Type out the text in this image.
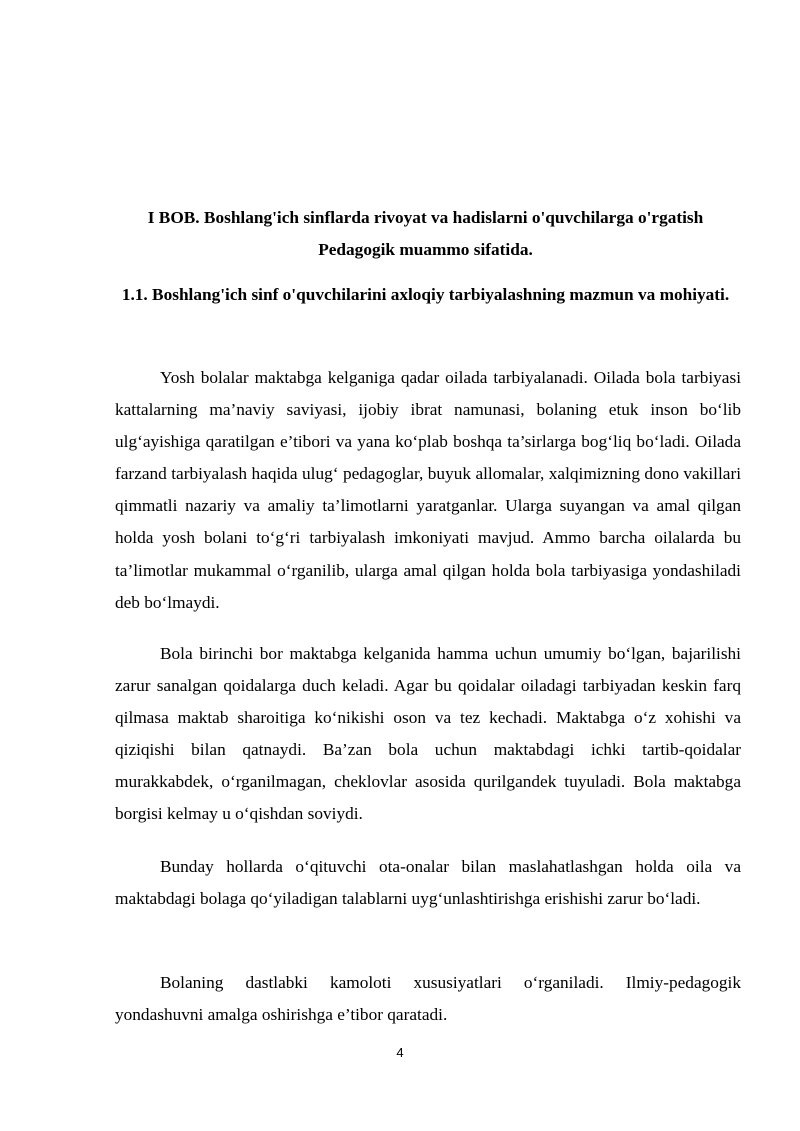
I BOB. Boshlang'ich sinflarda rivoyat va hadislarni o'quvchilarga o'rgatish Pedagogik muammo sifatida.
1.1. Boshlang'ich sinf o'quvchilarini axloqiy tarbiyalashning mazmun va mohiyati.

Yosh bolalar maktabga kelganiga qadar oilada tarbiyalanadi. Oilada bola tarbiyasi kattalarning ma’naviy saviyasi, ijobiy ibrat namunasi, bolaning etuk inson bo‘lib ulg‘ayishiga qaratilgan e’tibori va yana ko‘plab boshqa ta’sirlarga bog‘liq bo‘ladi. Oilada farzand tarbiyalash haqida ulug‘ pedagoglar, buyuk allomalar, xalqimizning dono vakillari qimmatli nazariy va amaliy ta’limotlarni yaratganlar. Ularga suyangan va amal qilgan holda yosh bolani to‘g‘ri tarbiyalash imkoniyati mavjud. Ammo barcha oilalarda bu ta’limotlar mukammal o‘rganilib, ularga amal qilgan holda bola tarbiyasiga yondashiladi deb bo‘lmaydi.

Bola birinchi bor maktabga kelganida hamma uchun umumiy bo‘lgan, bajarilishi zarur sanalgan qoidalarga duch keladi. Agar bu qoidalar oiladagi tarbiyadan keskin farq qilmasa maktab sharoitiga ko‘nikishi oson va tez kechadi. Maktabga o‘z xohishi va qiziqishi bilan qatnaydi. Ba’zan bola uchun maktabdagi ichki tartib-qoidalar murakkabdek, o‘rganilmagan, cheklovlar asosida qurilgandek tuyuladi. Bola maktabga borgisi kelmay u o‘qishdan soviydi.

Bunday hollarda o‘qituvchi ota-onalar bilan maslahatlashgan holda oila va maktabdagi bolaga qo‘yiladigan talablarni uyg‘unlashtirishga erishishi zarur bo‘ladi.

Bolaning dastlabki kamoloti xususiyatlari o‘rganiladi. Ilmiy-pedagogik yondashuvni amalga oshirishga e’tibor qaratadi.

4
